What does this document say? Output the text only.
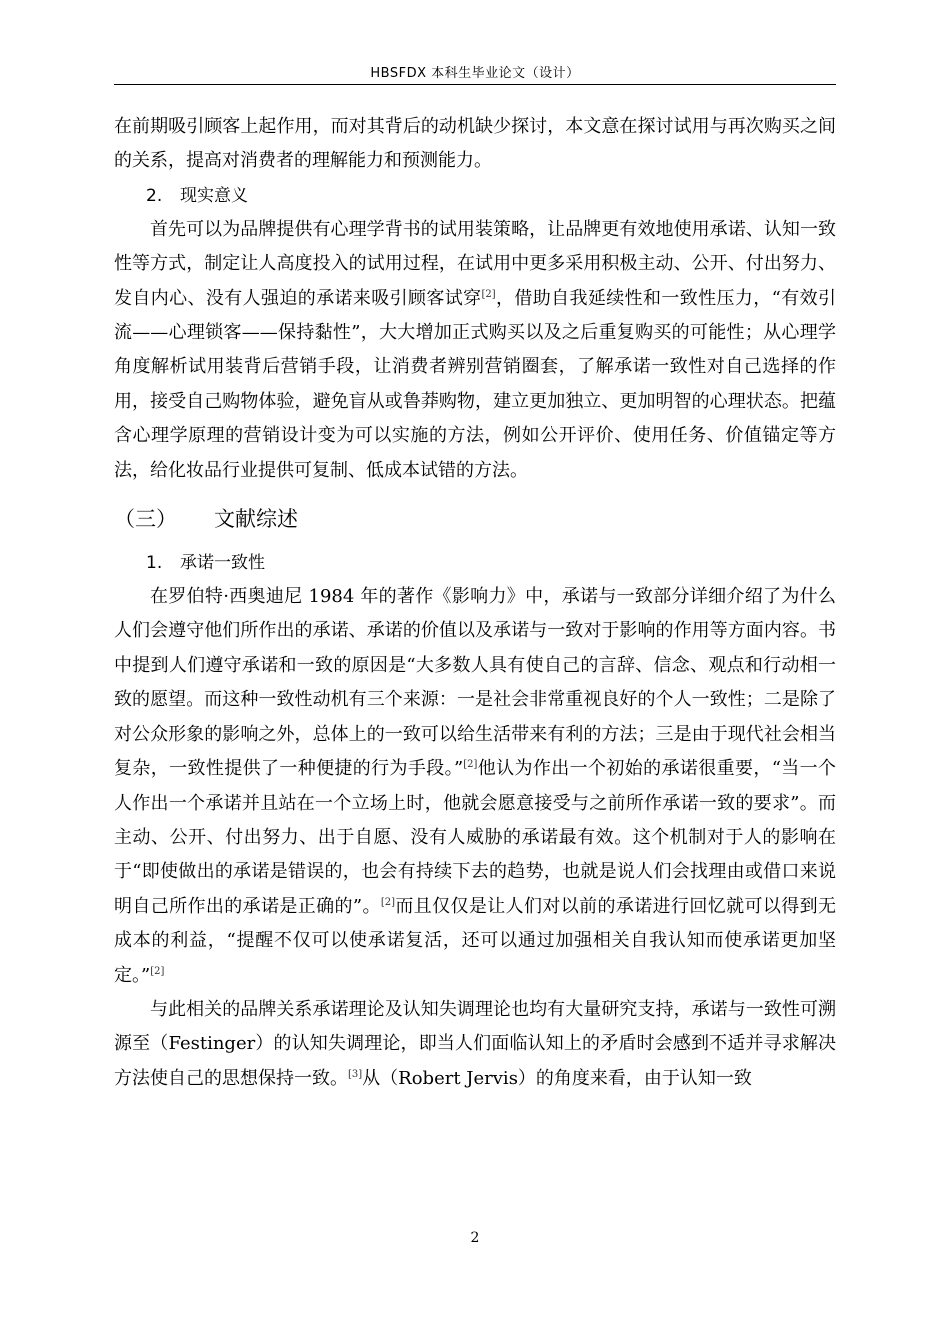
HBSFDX 本科生毕业论文（设计）

在前期吸引顾客上起作用，而对其背后的动机缺少探讨，本文意在探讨试用与再次购买之间的关系，提高对消费者的理解能力和预测能力。

2. 现实意义

首先可以为品牌提供有心理学背书的试用装策略，让品牌更有效地使用承诺、认知一致性等方式，制定让人高度投入的试用过程，在试用中更多采用积极主动、公开、付出努力、发自内心、没有人强迫的承诺来吸引顾客试穿[2]，借助自我延续性和一致性压力，“有效引流——心理锁客——保持黏性”，大大增加正式购买以及之后重复购买的可能性；从心理学角度解析试用装背后营销手段，让消费者辨别营销圈套，了解承诺一致性对自己选择的作用，接受自己购物体验，避免盲从或鲁莽购物，建立更加独立、更加明智的心理状态。把蕴含心理学原理的营销设计变为可以实施的方法，例如公开评价、使用任务、价值锚定等方法，给化妆品行业提供可复制、低成本试错的方法。

（三） 文献综述
1. 承诺一致性

在罗伯特·西奥迪尼 1984 年的著作《影响力》中，承诺与一致部分详细介绍了为什么人们会遵守他们所作出的承诺、承诺的价值以及承诺与一致对于影响的作用等方面内容。书中提到人们遵守承诺和一致的原因是“大多数人具有使自己的言辞、信念、观点和行动相一致的愿望。而这种一致性动机有三个来源：一是社会非常重视良好的个人一致性；二是除了对公众形象的影响之外，总体上的一致可以给生活带来有利的方法；三是由于现代社会相当复杂，一致性提供了一种便捷的行为手段。”[2]他认为作出一个初始的承诺很重要，“当一个人作出一个承诺并且站在一个立场上时，他就会愿意接受与之前所作承诺一致的要求”。而主动、公开、付出努力、出于自愿、没有人威胁的承诺最有效。这个机制对于人的影响在于“即使做出的承诺是错误的，也会有持续下去的趋势，也就是说人们会找理由或借口来说明自己所作出的承诺是正确的”。[2]而且仅仅是让人们对以前的承诺进行回忆就可以得到无成本的利益，“提醒不仅可以使承诺复活，还可以通过加强相关自我认知而使承诺更加坚定。”[2]

与此相关的品牌关系承诺理论及认知失调理论也均有大量研究支持，承诺与一致性可溯源至（Festinger）的认知失调理论，即当人们面临认知上的矛盾时会感到不适并寻求解决方法使自己的思想保持一致。[3]从（Robert Jervis）的角度来看，由于认知一致

2
